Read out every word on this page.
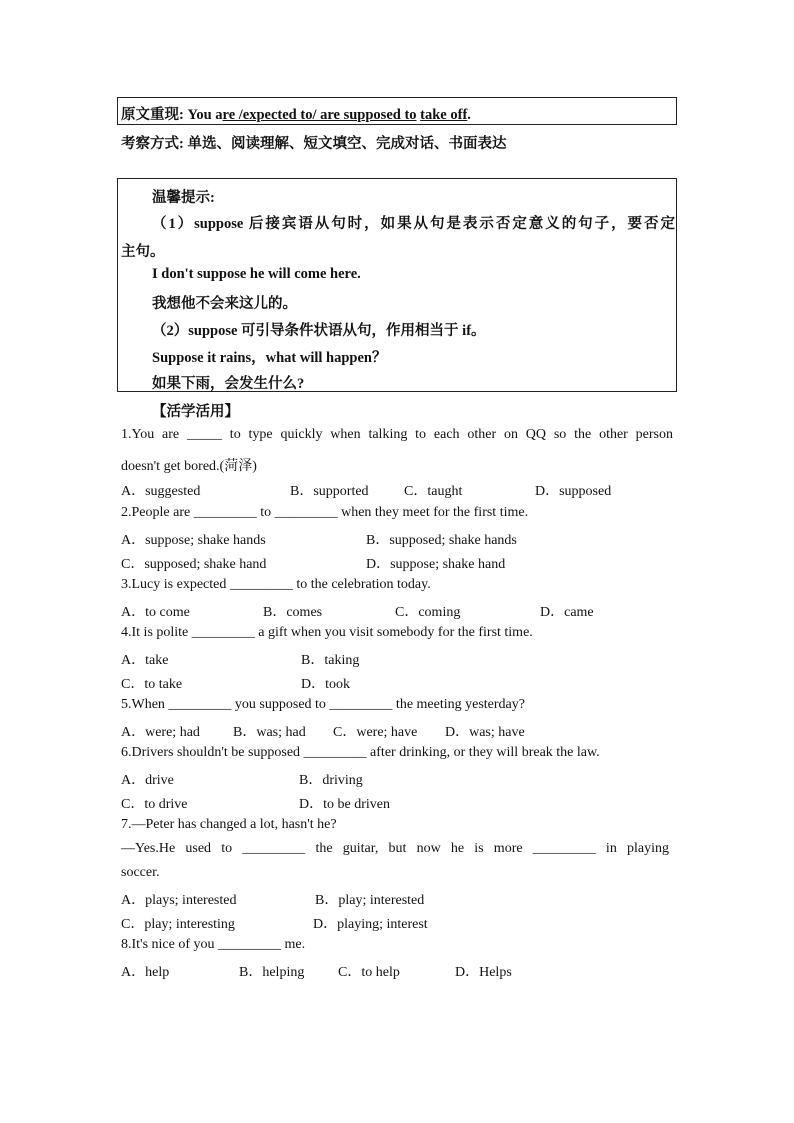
原文重现: You are /expected to/ are supposed to take off.
考察方式: 单选、阅读理解、短文填空、完成对话、书面表达
温馨提示:
（1）suppose 后接宾语从句时，如果从句是表示否定意义的句子，要否定
主句。
I don't suppose he will come here.
我想他不会来这儿的。
（2）suppose 可引导条件状语从句，作用相当于 if。
Suppose it rains，what will happen？
如果下雨，会发生什么?
【活学活用】
1.You are _____ to type quickly when talking to each other on QQ so the other person
doesn't get bored.(菏泽)
A．suggested	B．supported	C．taught	D．supposed
2.People are _________ to _________ when they meet for the first time.
A．suppose; shake hands	B．supposed; shake hands
C．supposed; shake hand	D．suppose; shake hand
3.Lucy is expected _________ to the celebration today.
A．to come	B．comes	C．coming	D．came
4.It is polite _________ a gift when you visit somebody for the first time.
A．take	B．taking
C．to take	D．took
5.When _________ you supposed to _________ the meeting yesterday?
A．were; had B．was; had C．were; have D．was; have
6.Drivers shouldn't be supposed _________ after drinking, or they will break the law.
A．drive	B．driving
C．to drive	D．to be driven
7.—Peter has changed a lot, hasn't he?
—Yes.He used to _________ the guitar, but now he is more _________ in playing
soccer.
A．plays; interested	B．play; interested
C．play; interesting	D．playing; interest
8.It's nice of you _________ me.
A．help	B．helping C．to help	D．Helps
